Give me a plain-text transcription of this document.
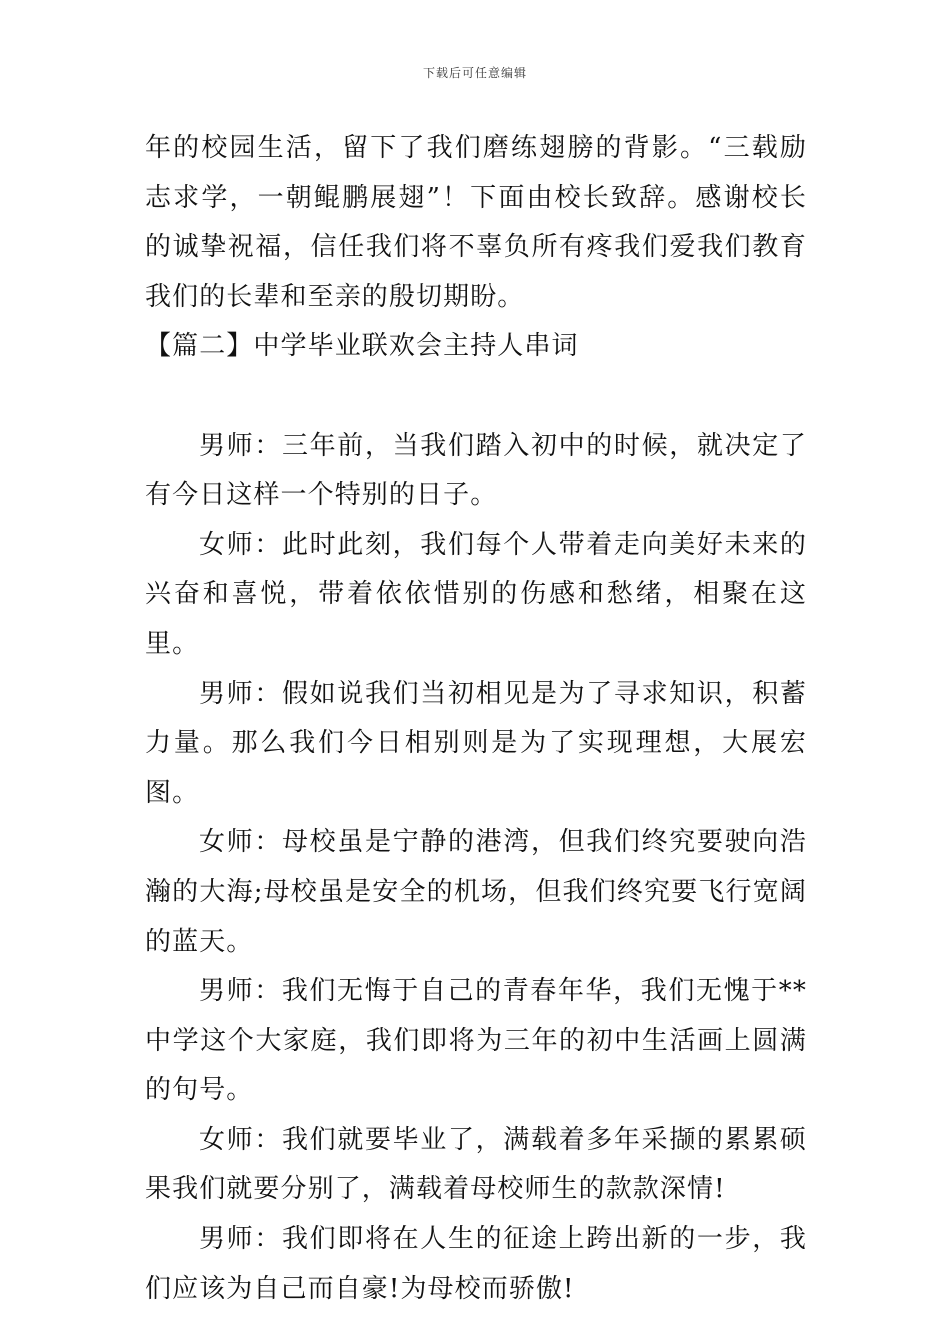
下载后可任意编辑

年的校园生活，留下了我们磨练翅膀的背影。“三载励志求学，一朝鲲鹏展翅”！下面由校长致辞。感谢校长的诚挚祝福，信任我们将不辜负所有疼我们爱我们教育我们的长辈和至亲的殷切期盼。

【篇二】中学毕业联欢会主持人串词

男师：三年前，当我们踏入初中的时候，就决定了有今日这样一个特别的日子。

女师：此时此刻，我们每个人带着走向美好未来的兴奋和喜悦，带着依依惜别的伤感和愁绪，相聚在这里。

男师：假如说我们当初相见是为了寻求知识，积蓄力量。那么我们今日相别则是为了实现理想，大展宏图。

女师：母校虽是宁静的港湾，但我们终究要驶向浩瀚的大海;母校虽是安全的机场，但我们终究要飞行宽阔的蓝天。

男师：我们无悔于自己的青春年华，我们无愧于**中学这个大家庭，我们即将为三年的初中生活画上圆满的句号。

女师：我们就要毕业了，满载着多年采撷的累累硕果我们就要分别了，满载着母校师生的款款深情!

男师：我们即将在人生的征途上跨出新的一步，我们应该为自己而自豪!为母校而骄傲!
